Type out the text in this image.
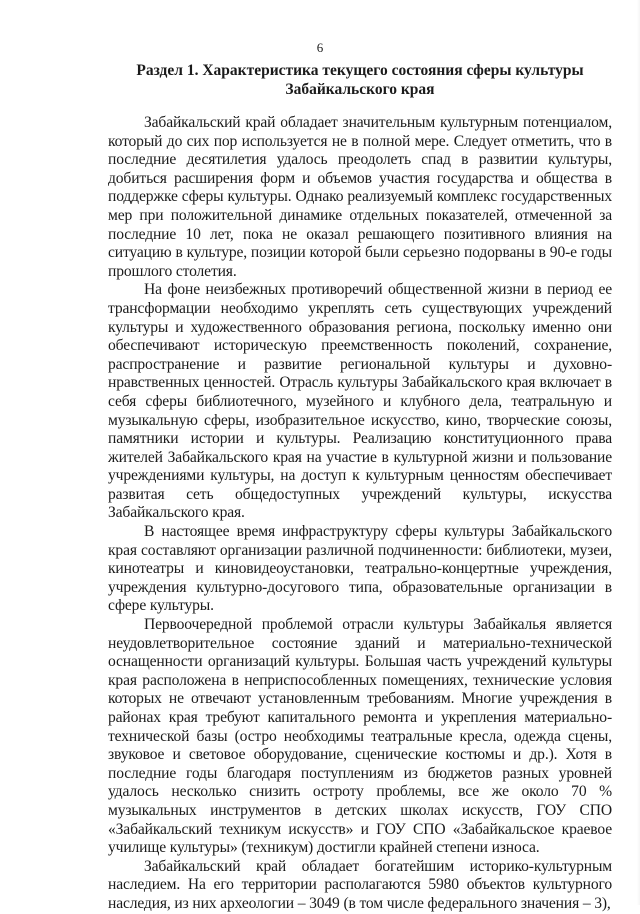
6
Раздел 1. Характеристика текущего состояния сферы культуры Забайкальского края

Забайкальский край обладает значительным культурным потенциалом, который до сих пор используется не в полной мере. Следует отметить, что в последние десятилетия удалось преодолеть спад в развитии культуры, добиться расширения форм и объемов участия государства и общества в поддержке сферы культуры. Однако реализуемый комплекс государственных мер при положительной динамике отдельных показателей, отмеченной за последние 10 лет, пока не оказал решающего позитивного влияния на ситуацию в культуре, позиции которой были серьезно подорваны в 90-е годы прошлого столетия.

На фоне неизбежных противоречий общественной жизни в период ее трансформации необходимо укреплять сеть существующих учреждений культуры и художественного образования региона, поскольку именно они обеспечивают историческую преемственность поколений, сохранение, распространение и развитие региональной культуры и духовно-нравственных ценностей. Отрасль культуры Забайкальского края включает в себя сферы библиотечного, музейного и клубного дела, театральную и музыкальную сферы, изобразительное искусство, кино, творческие союзы, памятники истории и культуры. Реализацию конституционного права жителей Забайкальского края на участие в культурной жизни и пользование учреждениями культуры, на доступ к культурным ценностям обеспечивает развитая сеть общедоступных учреждений культуры, искусства Забайкальского края.

В настоящее время инфраструктуру сферы культуры Забайкальского края составляют организации различной подчиненности: библиотеки, музеи, кинотеатры и киновидеоустановки, театрально-концертные учреждения, учреждения культурно-досугового типа, образовательные организации в сфере культуры.

Первоочередной проблемой отрасли культуры Забайкалья является неудовлетворительное состояние зданий и материально-технической оснащенности организаций культуры. Большая часть учреждений культуры края расположена в неприспособленных помещениях, технические условия которых не отвечают установленным требованиям. Многие учреждения в районах края требуют капитального ремонта и укрепления материально-технической базы (остро необходимы театральные кресла, одежда сцены, звуковое и световое оборудование, сценические костюмы и др.). Хотя в последние годы благодаря поступлениям из бюджетов разных уровней удалось несколько снизить остроту проблемы, все же около 70 % музыкальных инструментов в детских школах искусств, ГОУ СПО «Забайкальский техникум искусств» и ГОУ СПО «Забайкальское краевое училище культуры» (техникум) достигли крайней степени износа.

Забайкальский край обладает богатейшим историко-культурным наследием. На его территории располагаются 5980 объектов культурного наследия, из них археологии – 3049 (в том числе федерального значения – 3),
